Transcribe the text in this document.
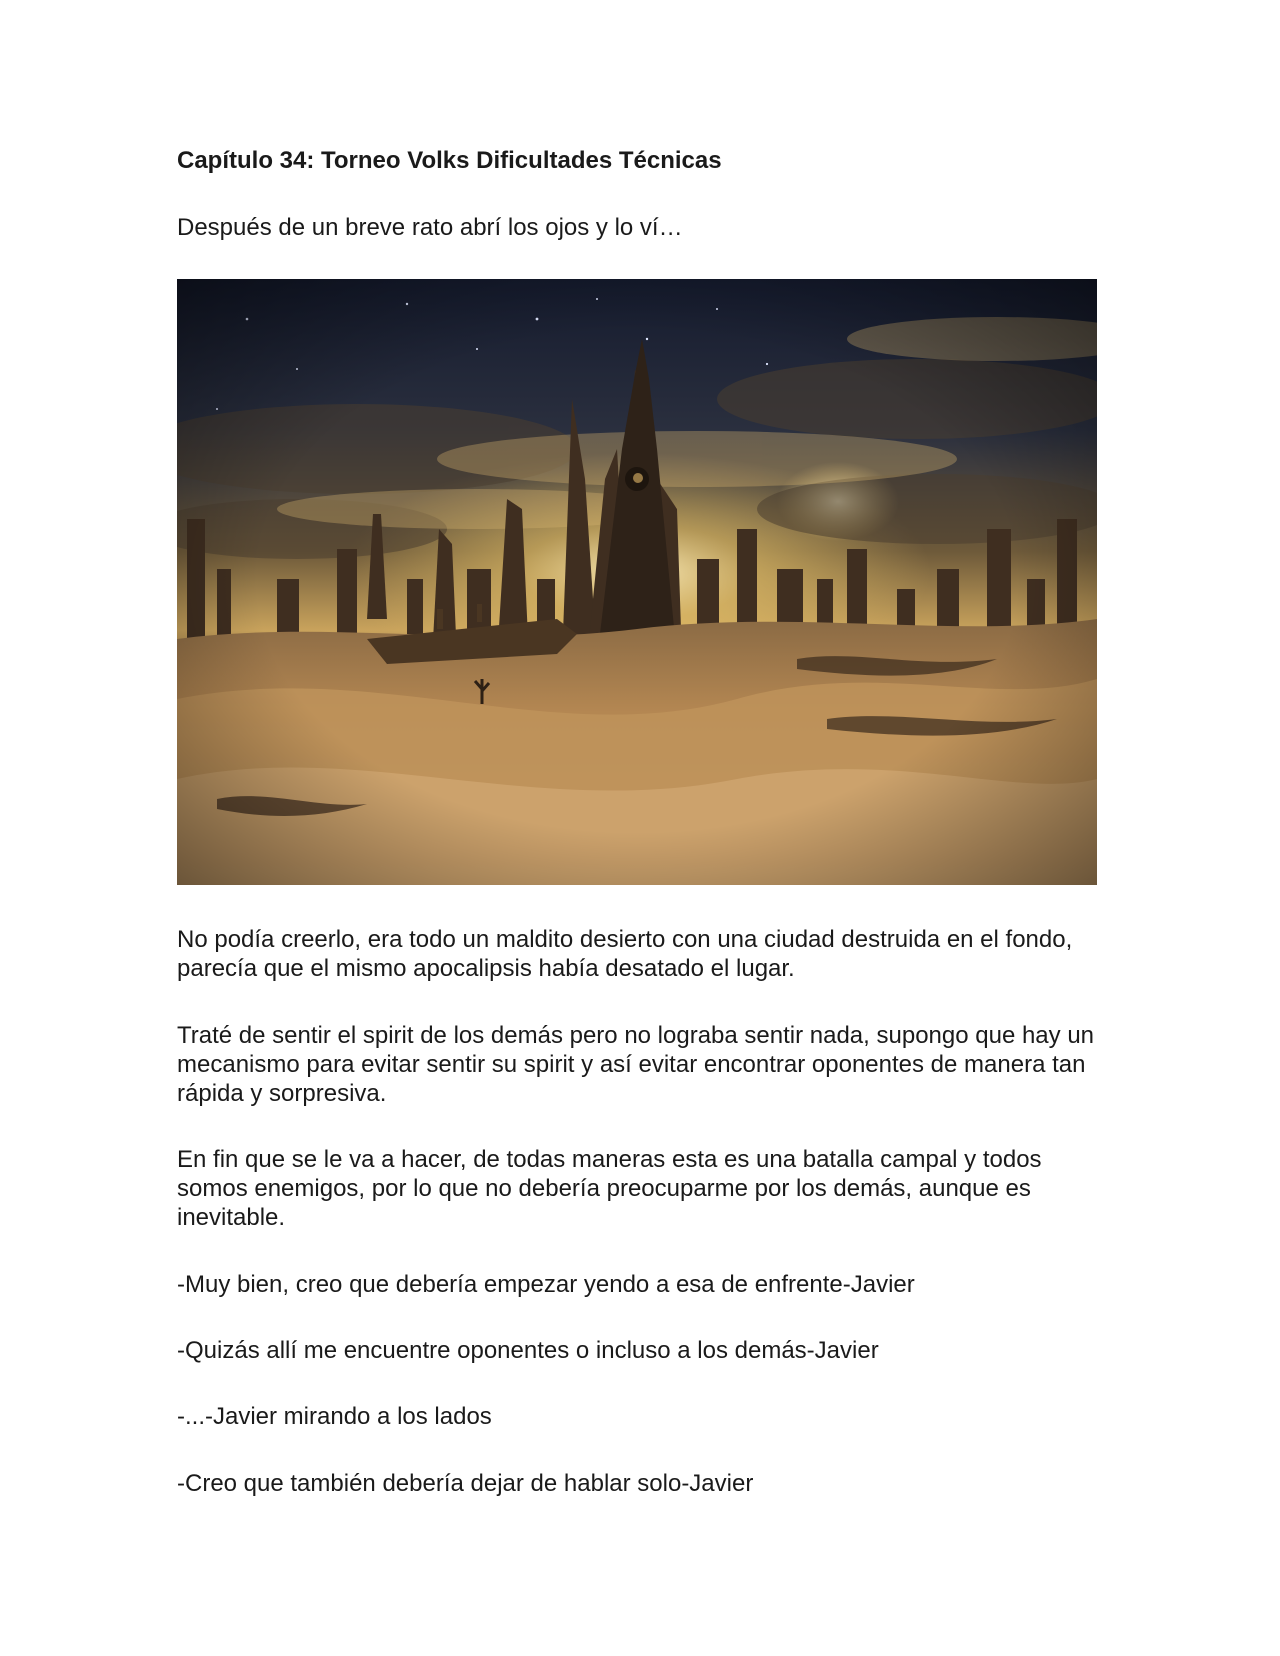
Capítulo 34: Torneo Volks Dificultades Técnicas

Después de un breve rato abrí los ojos y lo ví…

No podía creerlo, era todo un maldito desierto con una ciudad destruida en el fondo, parecía que el mismo apocalipsis había desatado el lugar.

Traté de sentir el spirit de los demás pero no lograba sentir nada, supongo que hay un mecanismo para evitar sentir su spirit y así evitar encontrar oponentes de manera tan rápida y sorpresiva.

En fin que se le va a hacer, de todas maneras esta es una batalla campal y todos somos enemigos, por lo que no debería preocuparme por los demás, aunque es inevitable.

-Muy bien, creo que debería empezar yendo a esa de enfrente-Javier

-Quizás allí me encuentre oponentes o incluso a los demás-Javier

-...-Javier mirando a los lados

-Creo que también debería dejar de hablar solo-Javier
